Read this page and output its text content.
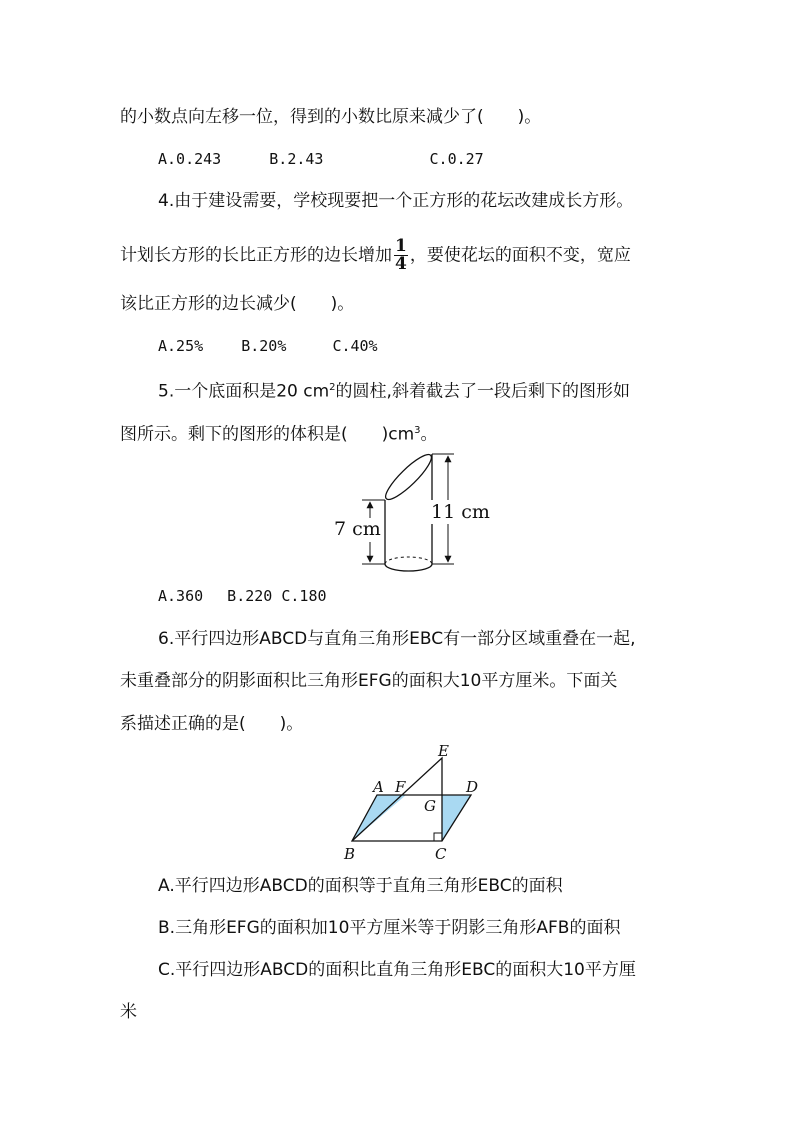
的小数点向左移一位，得到的小数比原来减少了(　　)。
A.0.243	B.2.43	C.0.27
4.由于建设需要，学校现要把一个正方形的花坛改建成长方形。
计划长方形的长比正方形的边长增加 $\frac{1}{4}$ ，要使花坛的面积不变，宽应
该比正方形的边长减少(　　)。
A.25%	B.20%	C.40%
5.一个底面积是20 $cm^2$的圆柱,斜着截去了一段后剩下的图形如
图所示。剩下的图形的体积是(　　)$cm^3$。
7 cm
11 cm
A.360　 B.220 C.180
6.平行四边形ABCD与直角三角形EBC有一部分区域重叠在一起,
未重叠部分的阴影面积比三角形EFG的面积大10平方厘米。下面关
系描述正确的是(　　)。
E
A F	D
G
B	C
A.平行四边形ABCD的面积等于直角三角形EBC的面积
B.三角形EFG的面积加10平方厘米等于阴影三角形AFB的面积
C.平行四边形ABCD的面积比直角三角形EBC的面积大10平方厘
米
